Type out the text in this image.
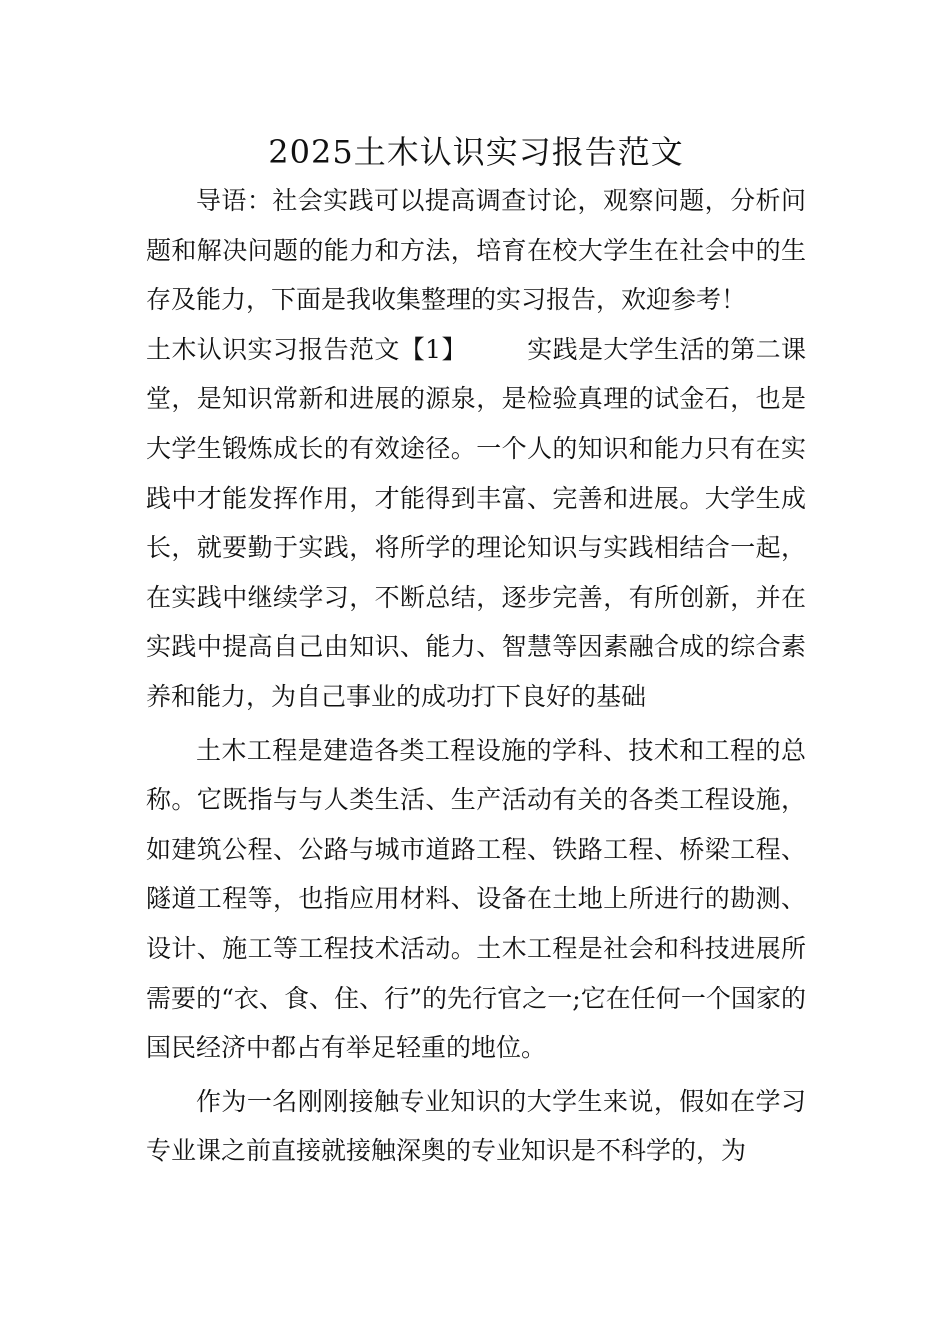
2025土木认识实习报告范文

导语：社会实践可以提高调查讨论，观察问题，分析问题和解决问题的能力和方法，培育在校大学生在社会中的生存及能力，下面是我收集整理的实习报告，欢迎参考！

土木认识实习报告范文【1】 实践是大学生活的第二课堂，是知识常新和进展的源泉，是检验真理的试金石，也是大学生锻炼成长的有效途径。一个人的知识和能力只有在实践中才能发挥作用，才能得到丰富、完善和进展。大学生成长，就要勤于实践，将所学的理论知识与实践相结合一起，在实践中继续学习，不断总结，逐步完善，有所创新，并在实践中提高自己由知识、能力、智慧等因素融合成的综合素养和能力，为自己事业的成功打下良好的基础

土木工程是建造各类工程设施的学科、技术和工程的总称。它既指与与人类生活、生产活动有关的各类工程设施，如建筑公程、公路与城市道路工程、铁路工程、桥梁工程、隧道工程等，也指应用材料、设备在土地上所进行的勘测、设计、施工等工程技术活动。土木工程是社会和科技进展所需要的“衣、食、住、行”的先行官之一;它在任何一个国家的国民经济中都占有举足轻重的地位。

作为一名刚刚接触专业知识的大学生来说，假如在学习专业课之前直接就接触深奥的专业知识是不科学的，为
